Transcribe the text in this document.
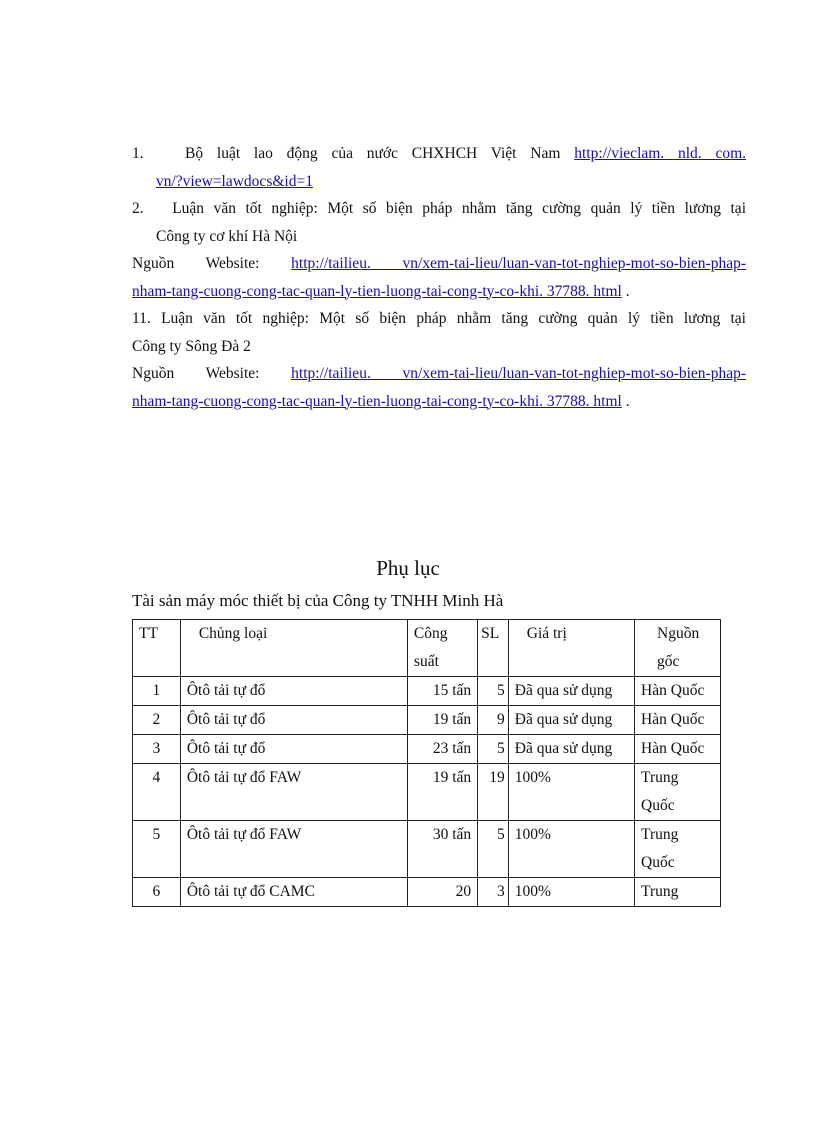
1.	Bộ luật lao động của nước CHXHCH Việt Nam http://vieclam. nld. com.
vn/?view=lawdocs&id=1
2. Luận văn tốt nghiệp: Một số biện pháp nhằm tăng cường quản lý tiền lương tại
Công ty cơ khí Hà Nội
Nguồn Website: http://tailieu. vn/xem-tai-lieu/luan-van-tot-nghiep-mot-so-bien-phap-
nham-tang-cuong-cong-tac-quan-ly-tien-luong-tai-cong-ty-co-khi. 37788. html .
11. Luận văn tốt nghiệp: Một số biện pháp nhằm tăng cường quản lý tiền lương tại
Công ty Sông Đà 2
Nguồn Website: http://tailieu. vn/xem-tai-lieu/luan-van-tot-nghiep-mot-so-bien-phap-
nham-tang-cuong-cong-tac-quan-ly-tien-luong-tai-cong-ty-co-khi. 37788. html .
Phụ lục
Tài sản máy móc thiết bị của Công ty TNHH Minh Hà
TT	Chủng loại	Công suất	SL	Giá trị	Nguồn gốc
1	Ôtô tải tự đổ	15 tấn	5	Đã qua sử dụng	Hàn Quốc
2	Ôtô tải tự đổ	19 tấn	9	Đã qua sử dụng	Hàn Quốc
3	Ôtô tải tự đổ	23 tấn	5	Đã qua sử dụng	Hàn Quốc
4	Ôtô tải tự đổ FAW	19 tấn	19	100%	Trung Quốc
5	Ôtô tải tự đổ FAW	30 tấn	5	100%	Trung Quốc
6	Ôtô tải tự đổ CAMC	20	3	100%	Trung
